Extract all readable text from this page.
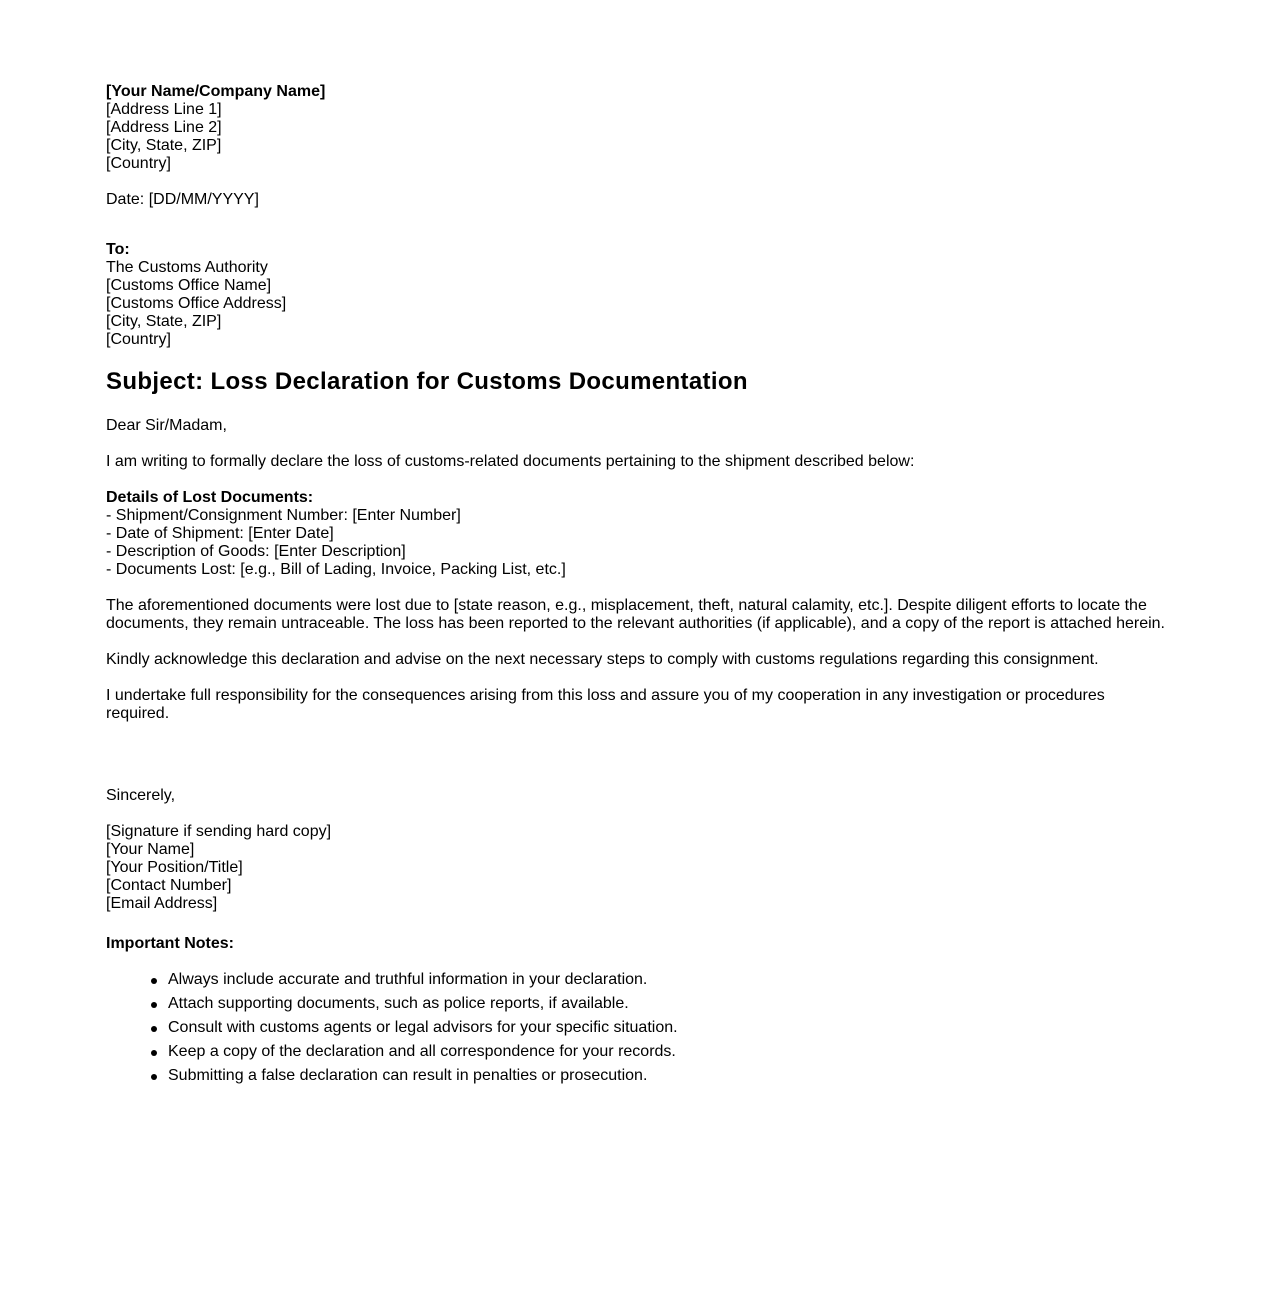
[Your Name/Company Name]
[Address Line 1]
[Address Line 2]
[City, State, ZIP]
[Country]
Date: [DD/MM/YYYY]
To:
The Customs Authority
[Customs Office Name]
[Customs Office Address]
[City, State, ZIP]
[Country]
Subject: Loss Declaration for Customs Documentation
Dear Sir/Madam,
I am writing to formally declare the loss of customs-related documents pertaining to the shipment described below:
Details of Lost Documents:
- Shipment/Consignment Number: [Enter Number]
- Date of Shipment: [Enter Date]
- Description of Goods: [Enter Description]
- Documents Lost: [e.g., Bill of Lading, Invoice, Packing List, etc.]

The aforementioned documents were lost due to [state reason, e.g., misplacement, theft, natural calamity, etc.]. Despite diligent efforts to locate the documents, they remain untraceable. The loss has been reported to the relevant authorities (if applicable), and a copy of the report is attached herein.

Kindly acknowledge this declaration and advise on the next necessary steps to comply with customs regulations regarding this consignment.

I undertake full responsibility for the consequences arising from this loss and assure you of my cooperation in any investigation or procedures required.

Sincerely,
[Signature if sending hard copy]
[Your Name]
[Your Position/Title]
[Contact Number]
[Email Address]
Important Notes:
Always include accurate and truthful information in your declaration.
Attach supporting documents, such as police reports, if available.
Consult with customs agents or legal advisors for your specific situation.
Keep a copy of the declaration and all correspondence for your records.
Submitting a false declaration can result in penalties or prosecution.
